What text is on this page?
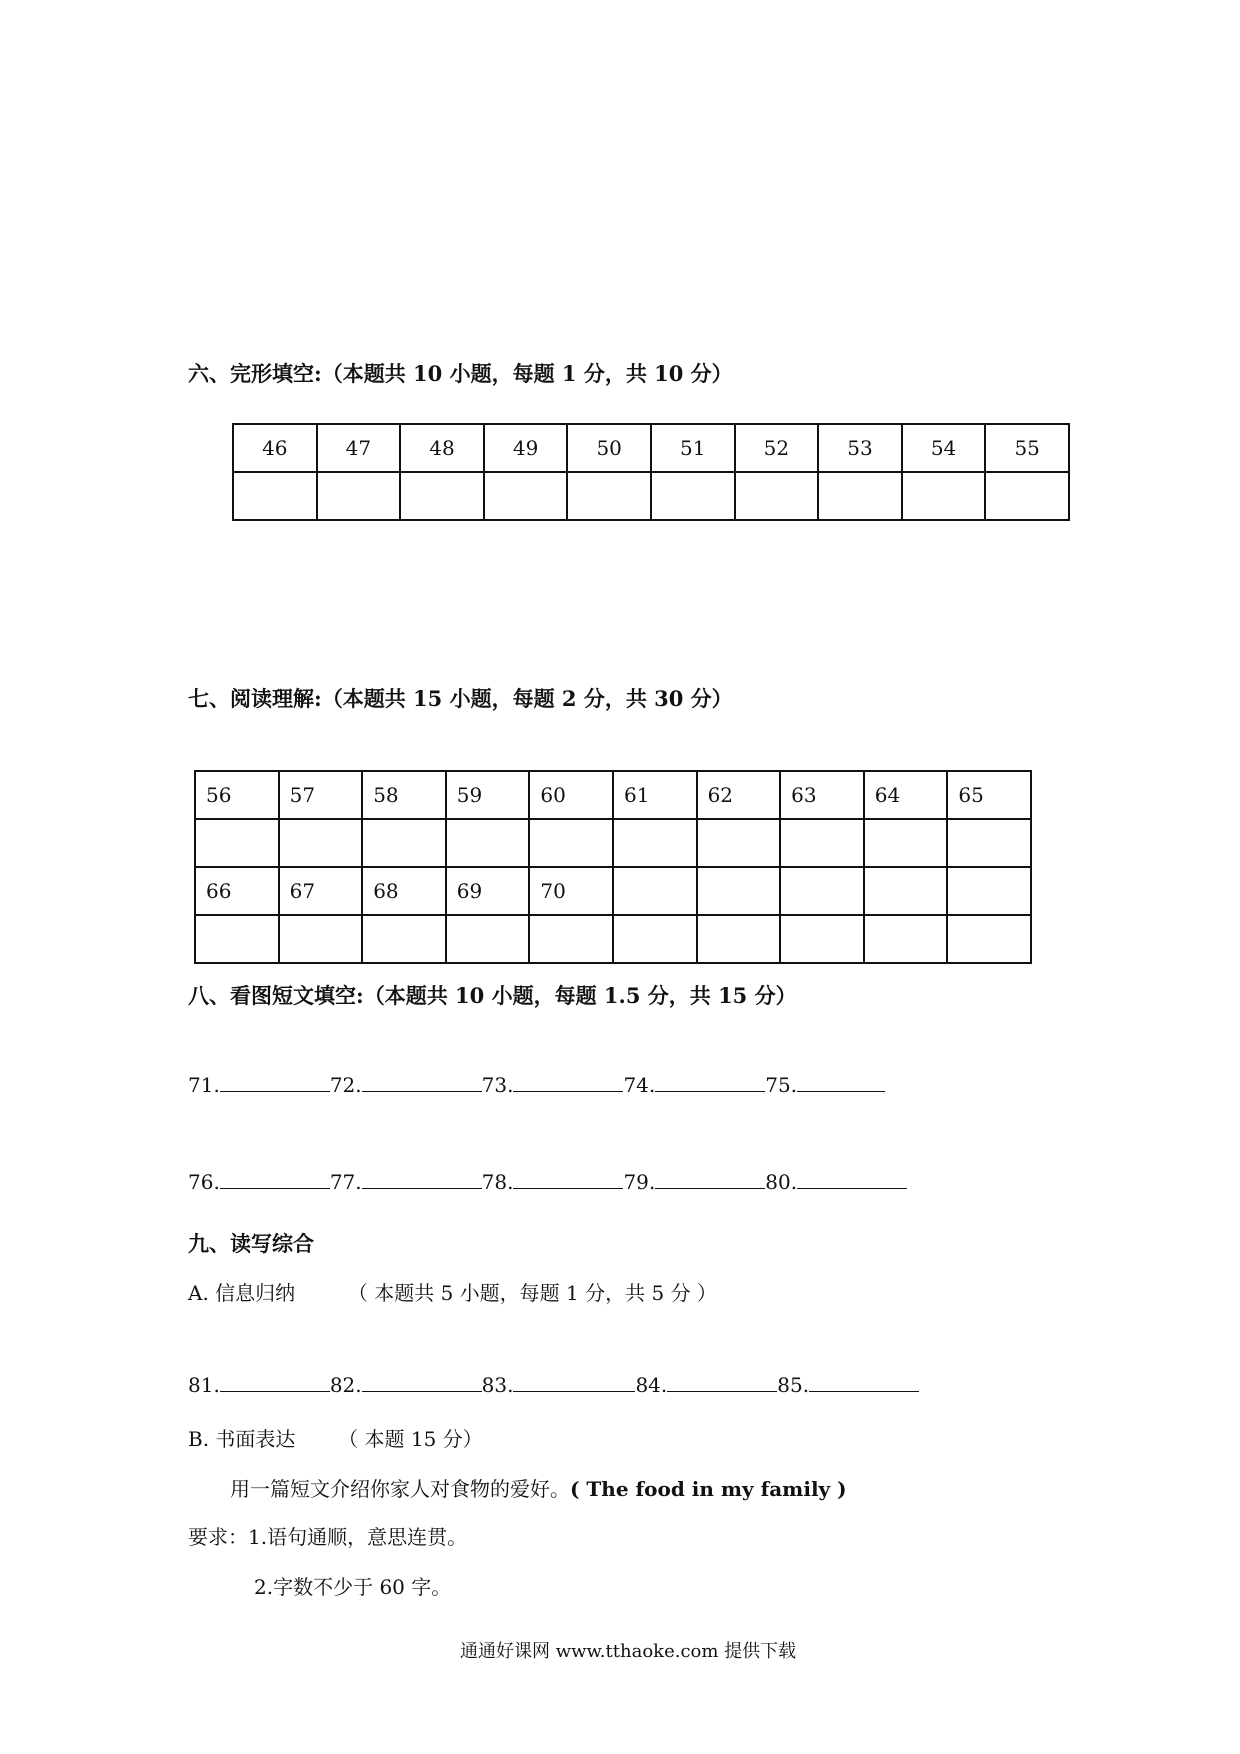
六、完形填空:（本题共 10 小题，每题 1 分，共 10 分）
46	47	48	49	50	51	52	53	54	55

七、阅读理解:（本题共 15 小题，每题 2 分，共 30 分）
56	57	58	59	60	61	62	63	64	65

66	67	68	69	70					

八、看图短文填空:（本题共 10 小题，每题 1.5 分，共 15 分）
71.	72.	73.	74.	75.
76.	77.	78.	79.	80.
九、读写综合
A. 信息归纳	（ 本题共 5 小题，每题 1 分，共 5 分 ）
81.	82.	83.	84.	85.
B. 书面表达 （ 本题 15 分）
用一篇短文介绍你家人对食物的爱好。( The food in my family )
要求：1.语句通顺，意思连贯。
2.字数不少于 60 字。
通通好课网 www.tthaoke.com 提供下载
